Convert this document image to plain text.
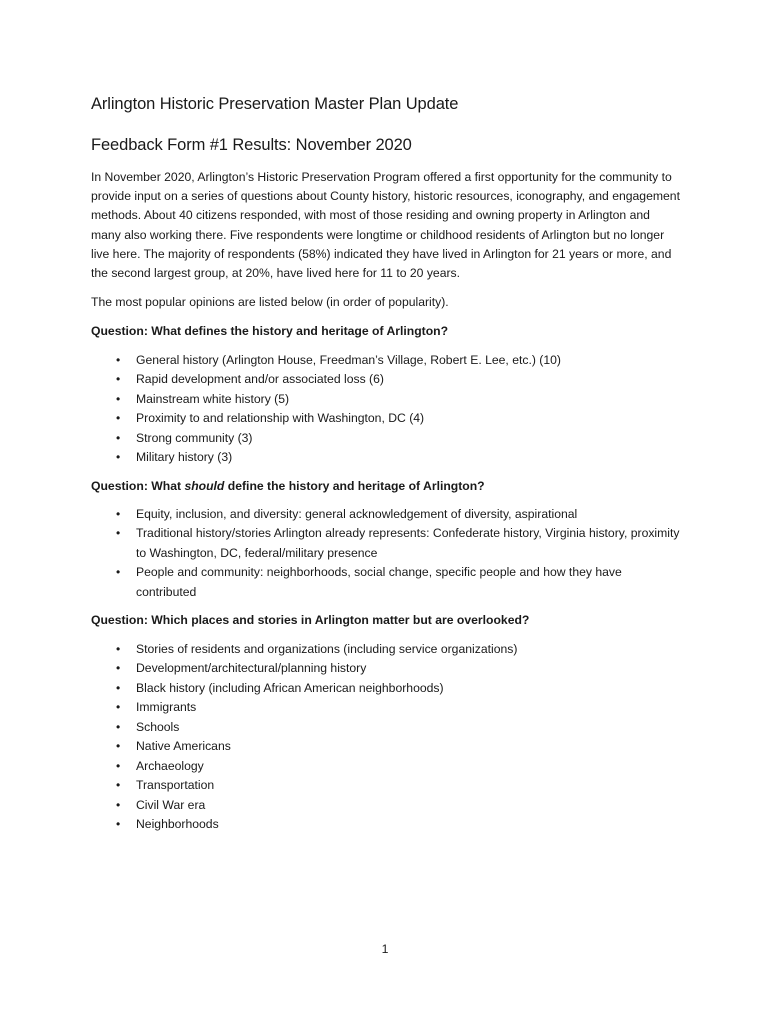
Arlington Historic Preservation Master Plan Update
Feedback Form #1 Results: November 2020

In November 2020, Arlington’s Historic Preservation Program offered a first opportunity for the community to provide input on a series of questions about County history, historic resources, iconography, and engagement methods. About 40 citizens responded, with most of those residing and owning property in Arlington and many also working there. Five respondents were longtime or childhood residents of Arlington but no longer live here. The majority of respondents (58%) indicated they have lived in Arlington for 21 years or more, and the second largest group, at 20%, have lived here for 11 to 20 years.

The most popular opinions are listed below (in order of popularity).

Question: What defines the history and heritage of Arlington?
• General history (Arlington House, Freedman’s Village, Robert E. Lee, etc.) (10)
• Rapid development and/or associated loss (6)
• Mainstream white history (5)
• Proximity to and relationship with Washington, DC (4)
• Strong community (3)
• Military history (3)
Question: What should define the history and heritage of Arlington?
• Equity, inclusion, and diversity: general acknowledgement of diversity, aspirational
• Traditional history/stories Arlington already represents: Confederate history, Virginia history, proximity to Washington, DC, federal/military presence
• People and community: neighborhoods, social change, specific people and how they have contributed
Question: Which places and stories in Arlington matter but are overlooked?
• Stories of residents and organizations (including service organizations)
• Development/architectural/planning history
• Black history (including African American neighborhoods)
• Immigrants
• Schools
• Native Americans
• Archaeology
• Transportation
• Civil War era
• Neighborhoods
1
